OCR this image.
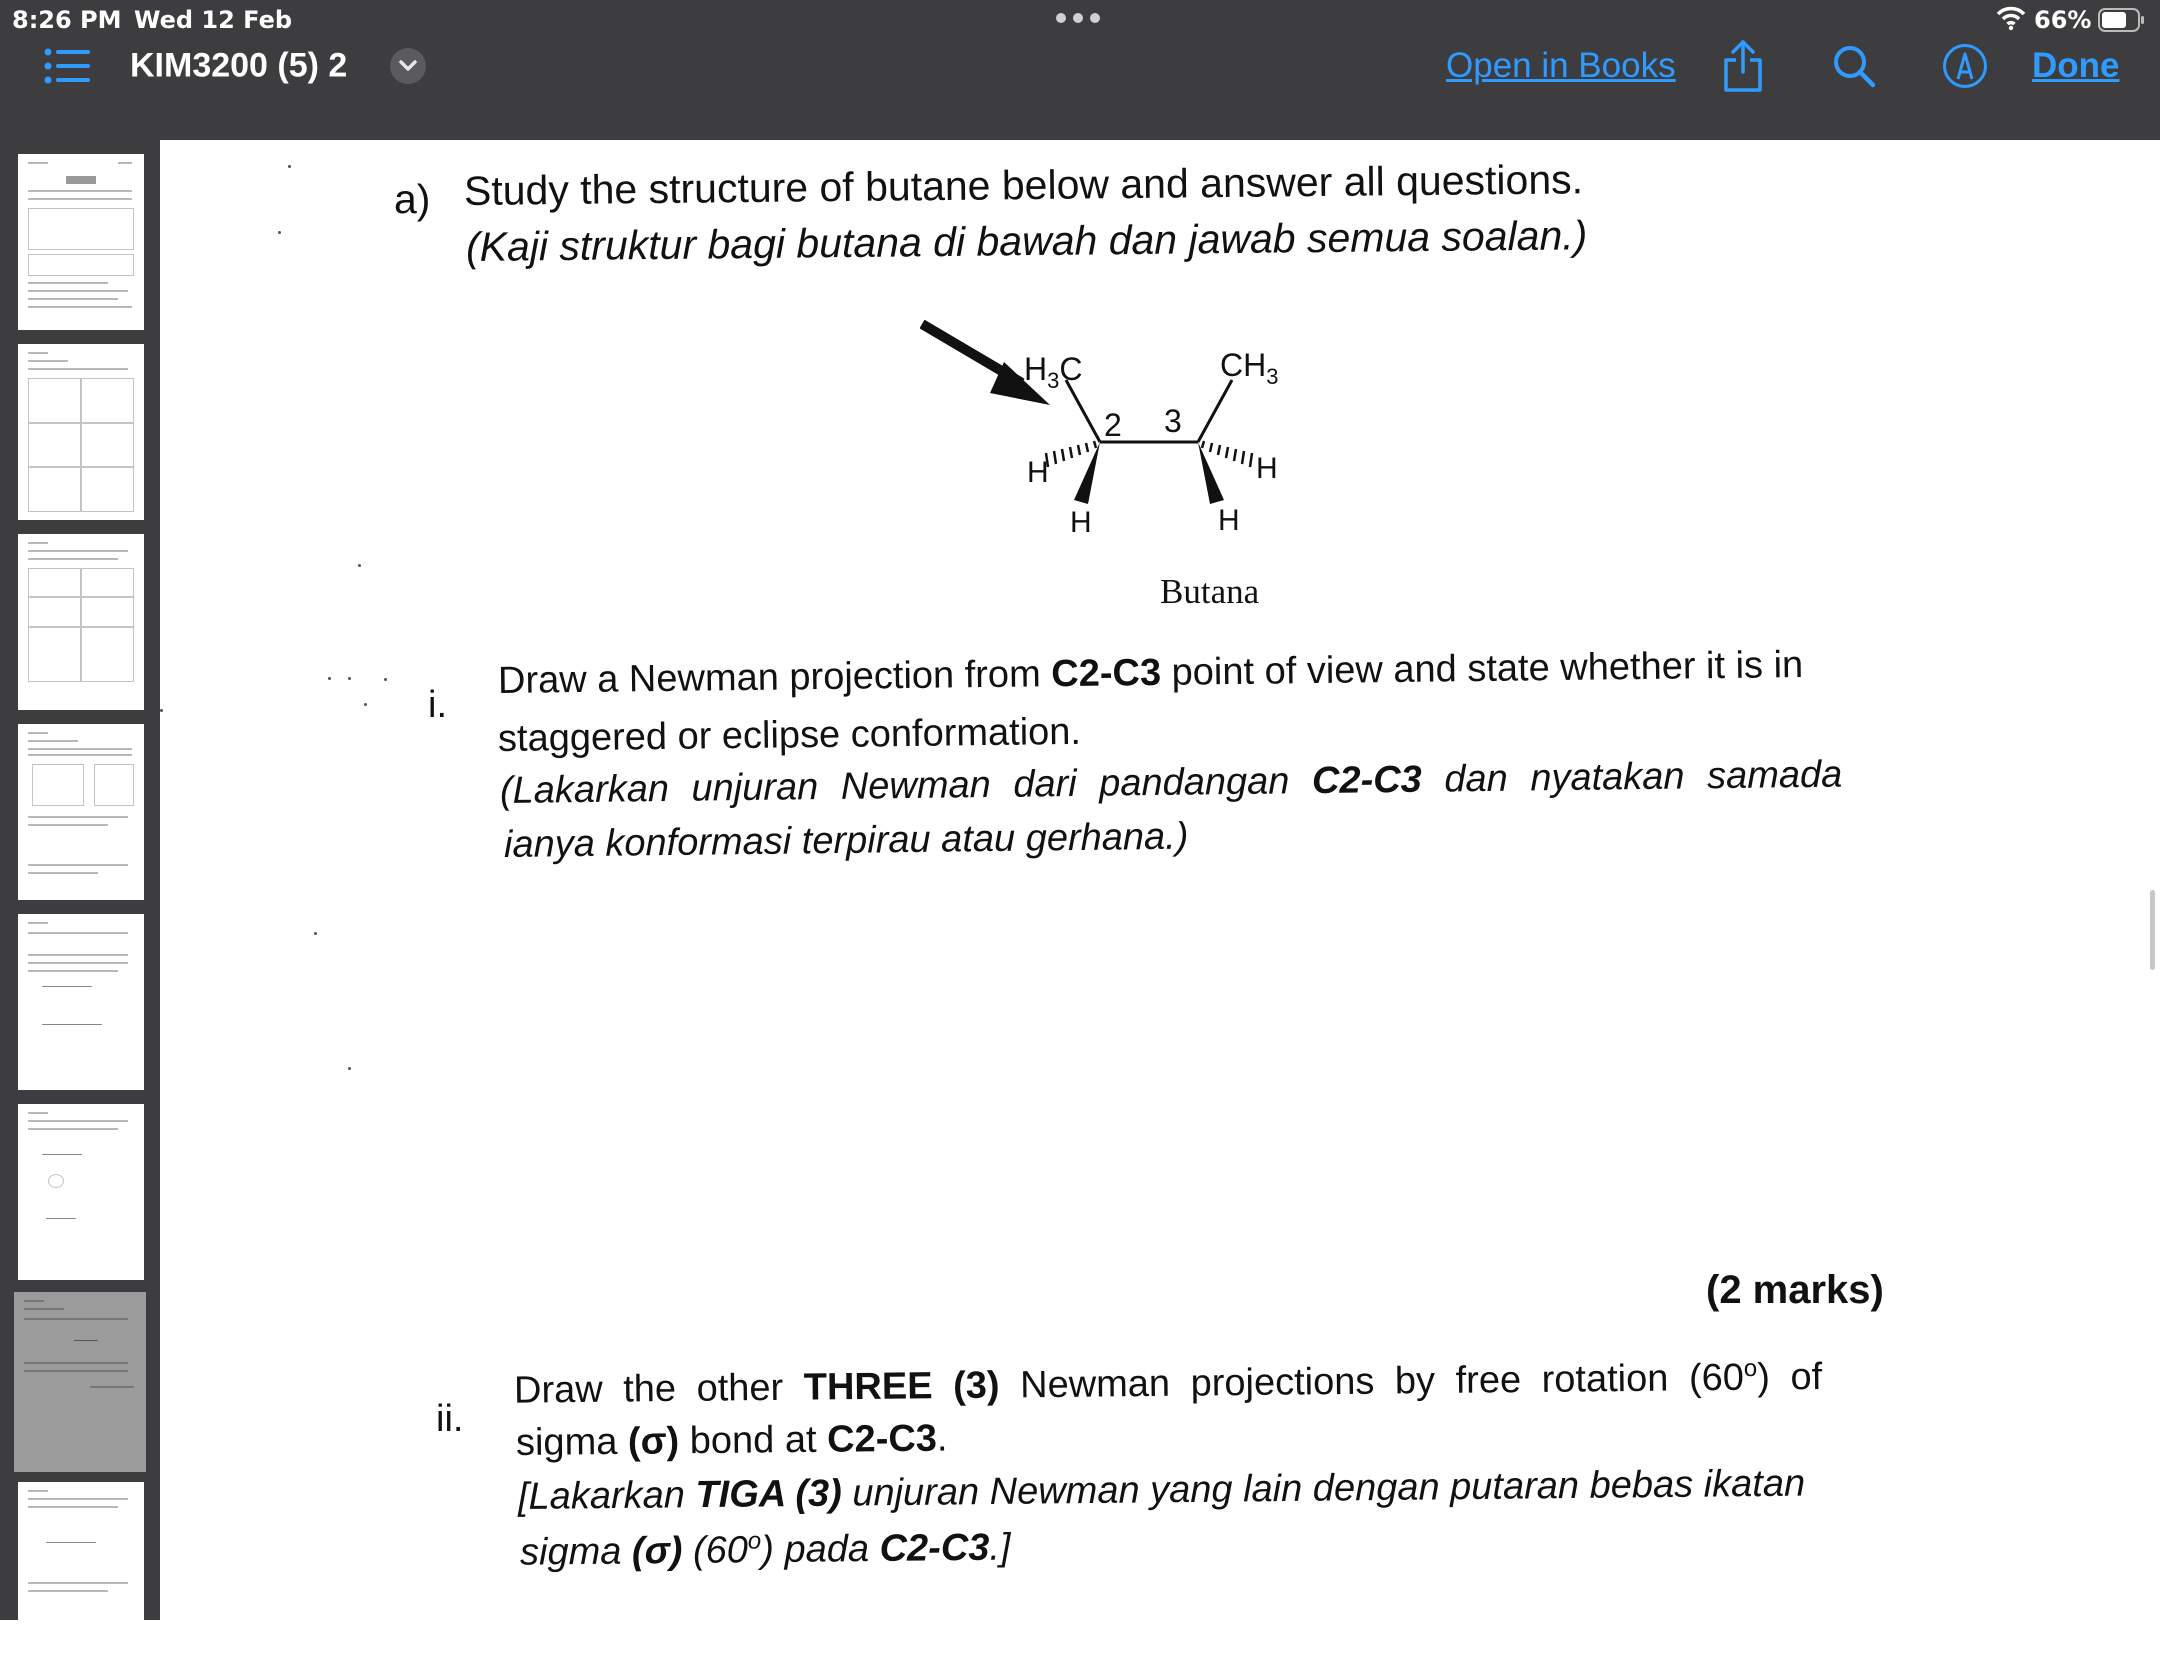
8:26 PM Wed 12 Feb	66%
KIM3200 (5) 2	Open in Books	Done
a) Study the structure of butane below and answer all questions.
(Kaji struktur bagi butana di bawah dan jawab semua soalan.)
$H_3C$	$CH_3$
2 3
H	H
H	H
Butana
i.
Draw a Newman projection from C2-C3 point of view and state whether it is in
staggered or eclipse conformation.
(Lakarkan unjuran Newman dari pandangan C2-C3 dan nyatakan samada
ianya konformasi terpirau atau gerhana.)
(2 marks)
ii.
Draw the other THREE (3) Newman projections by free rotation (60$^o$) of
sigma (σ) bond at C2-C3.
[Lakarkan TIGA (3) unjuran Newman yang lain dengan putaran bebas ikatan
sigma (σ) (60$^o$) pada C2-C3.]
